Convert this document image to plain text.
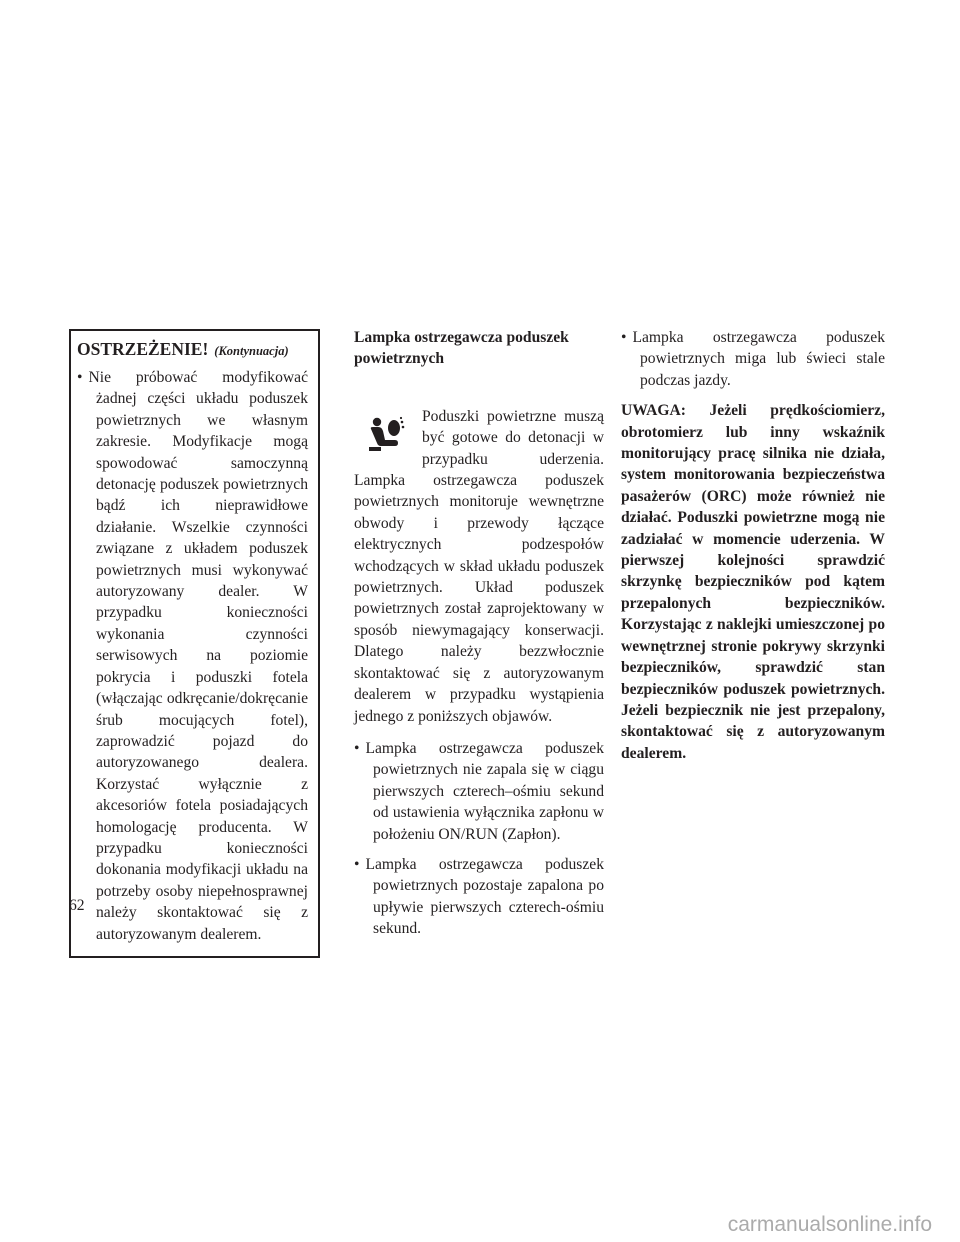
OSTRZEŻENIE! (Kontynuacja)
• Nie próbować modyfikować żadnej części układu poduszek powietrznych we własnym zakresie. Modyfikacje mogą spowodować samoczynną detonację poduszek powietrznych bądź ich nieprawidłowe działanie. Wszelkie czynności związane z układem poduszek powietrznych musi wykonywać autoryzowany dealer. W przypadku konieczności wykonania czynności serwisowych na poziomie pokrycia i poduszki fotela (włączając odkręcanie/dokręcanie śrub mocujących fotel), zaprowadzić pojazd do autoryzowanego dealera. Korzystać wyłącznie z akcesoriów fotela posiadających homologację producenta. W przypadku konieczności dokonania modyfikacji układu na potrzeby osoby niepełnosprawnej należy skontaktować się z autoryzowanym dealerem.
Lampka ostrzegawcza poduszek powietrznych
Poduszki powietrzne muszą być gotowe do detonacji w przypadku uderzenia. Lampka ostrzegawcza poduszek powietrznych monitoruje wewnętrzne obwody i przewody łączące elektrycznych podzespołów wchodzących w skład układu poduszek powietrznych. Układ poduszek powietrznych został zaprojektowany w sposób niewymagający konserwacji. Dlatego należy bezzwłocznie skontaktować się z autoryzowanym dealerem w przypadku wystąpienia jednego z poniższych objawów.
• Lampka ostrzegawcza poduszek powietrznych nie zapala się w ciągu pierwszych czterech–ośmiu sekund od ustawienia wyłącznika zapłonu w położeniu ON/RUN (Zapłon).
• Lampka ostrzegawcza poduszek powietrznych pozostaje zapalona po upływie pierwszych czterech-ośmiu sekund.
• Lampka ostrzegawcza poduszek powietrznych miga lub świeci stale podczas jazdy.

UWAGA: Jeżeli prędkościomierz, obrotomierz lub inny wskaźnik monitorujący pracę silnika nie działa, system monitorowania bezpieczeństwa pasażerów (ORC) może również nie działać. Poduszki powietrzne mogą nie zadziałać w momencie uderzenia. W pierwszej kolejności sprawdzić skrzynkę bezpieczników pod kątem przepalonych bezpieczników. Korzystając z naklejki umieszczonej po wewnętrznej stronie pokrywy skrzynki bezpieczników, sprawdzić stan bezpieczników poduszek powietrznych. Jeżeli bezpiecznik nie jest przepalony, skontaktować się z autoryzowanym dealerem.

62
carmanualsonline.info
